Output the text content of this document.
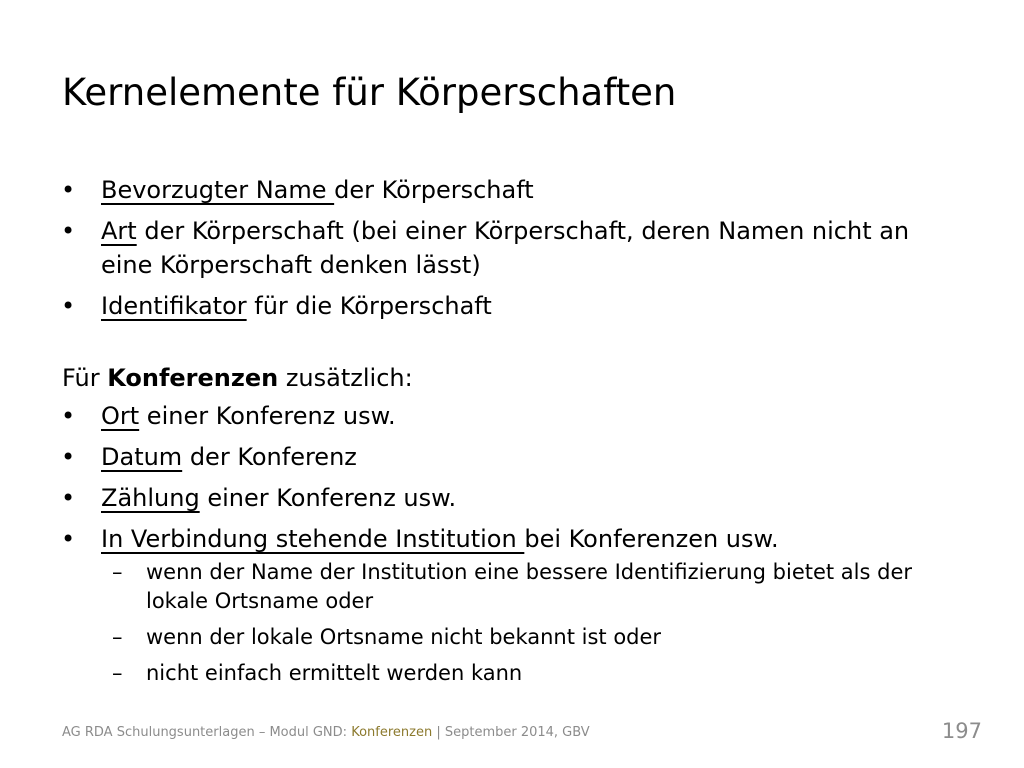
Kernelemente für Körperschaften
• Bevorzugter Name der Körperschaft
• Art der Körperschaft (bei einer Körperschaft, deren Namen nicht an eine Körperschaft denken lässt)
• Identifikator für die Körperschaft

Für Konferenzen zusätzlich:

• Ort einer Konferenz usw.
• Datum der Konferenz
• Zählung einer Konferenz usw.
• In Verbindung stehende Institution bei Konferenzen usw.
– wenn der Name der Institution eine bessere Identifizierung bietet als der lokale Ortsname oder
– wenn der lokale Ortsname nicht bekannt ist oder
– nicht einfach ermittelt werden kann
AG RDA Schulungsunterlagen – Modul GND: Konferenzen | September 2014, GBV	197
